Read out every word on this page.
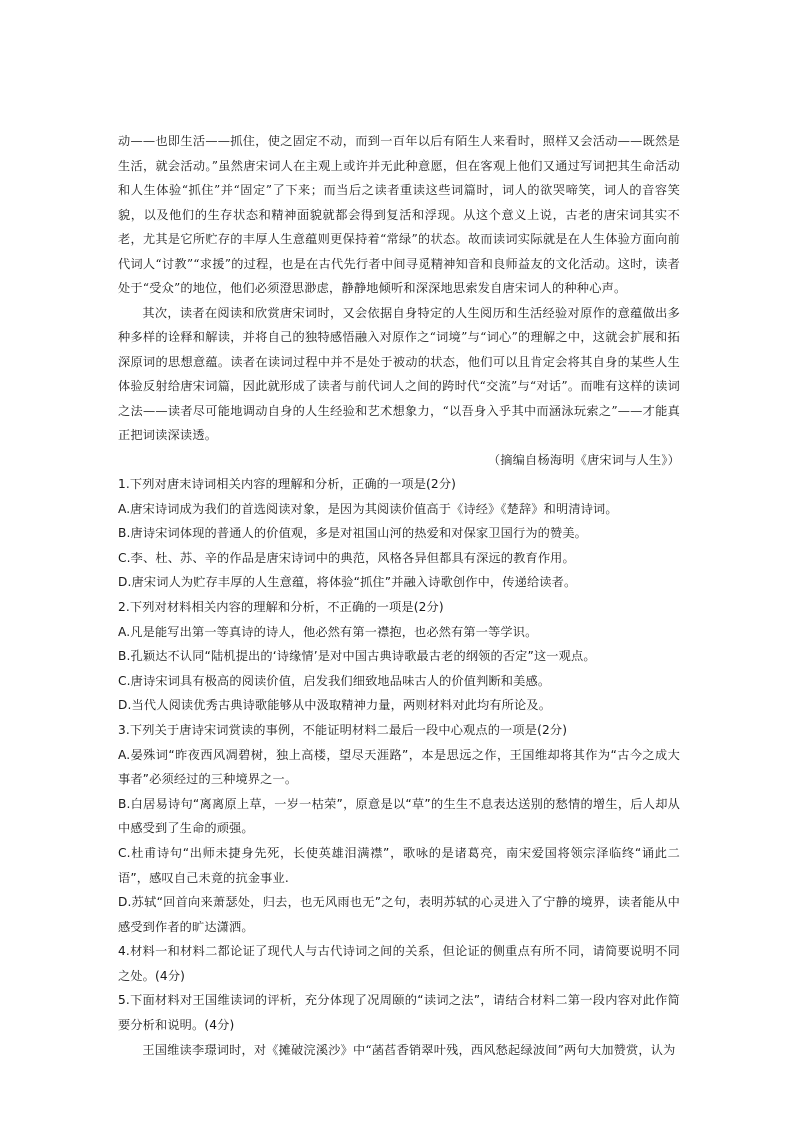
动——也即生活——抓住，使之固定不动，而到一百年以后有陌生人来看时，照样又会活动——既然是生活，就会活动。”虽然唐宋词人在主观上或许并无此种意愿，但在客观上他们又通过写词把其生命活动和人生体验“抓住”并“固定”了下来；而当后之读者重读这些词篇时，词人的欲哭啼笑，词人的音容笑貌，以及他们的生存状态和精神面貌就都会得到复活和浮现。从这个意义上说，古老的唐宋词其实不老，尤其是它所贮存的丰厚人生意蕴则更保持着“常绿”的状态。故而读词实际就是在人生体验方面向前代词人“讨教”“求援”的过程，也是在古代先行者中间寻觅精神知音和良师益友的文化活动。这时，读者处于“受众”的地位，他们必须澄思渺虑，静静地倾听和深深地思索发自唐宋词人的种种心声。

其次，读者在阅读和欣赏唐宋词时，又会依据自身特定的人生阅历和生活经验对原作的意蕴做出多种多样的诠释和解读，并将自己的独特感悟融入对原作之“词境”与“词心”的理解之中，这就会扩展和拓深原词的思想意蕴。读者在读词过程中并不是处于被动的状态，他们可以且肯定会将其自身的某些人生体验反射给唐宋词篇，因此就形成了读者与前代词人之间的跨时代“交流”与“对话”。而唯有这样的读词之法——读者尽可能地调动自身的人生经验和艺术想象力，“以吾身入乎其中而涵泳玩索之”——才能真正把词读深读透。

（摘编自杨海明《唐宋词与人生》）

1.下列对唐末诗词相关内容的理解和分析，正确的一项是(2分)

A.唐宋诗词成为我们的首选阅读对象，是因为其阅读价值高于《诗经》《楚辞》和明清诗词。

B.唐诗宋词体现的普通人的价值观，多是对祖国山河的热爱和对保家卫国行为的赞美。

C.李、杜、苏、辛的作品是唐宋诗词中的典范，风格各异但都具有深远的教育作用。

D.唐宋词人为贮存丰厚的人生意蕴，将体验“抓住”并融入诗歌创作中，传递给读者。

2.下列对材料相关内容的理解和分析，不正确的一项是(2分)

A.凡是能写出第一等真诗的诗人，他必然有第一襟抱，也必然有第一等学识。

B.孔颖达不认同“陆机提出的‘诗缘情’是对中国古典诗歌最古老的纲领的否定”这一观点。

C.唐诗宋词具有极高的阅读价值，启发我们细致地品味古人的价值判断和美感。

D.当代人阅读优秀古典诗歌能够从中汲取精神力量，两则材料对此均有所论及。

3.下列关于唐诗宋词赏读的事例，不能证明材料二最后一段中心观点的一项是(2分)

A.晏殊词“昨夜西风凋碧树，独上高楼，望尽天涯路”，本是思远之作，王国维却将其作为“古今之成大事者”必须经过的三种境界之一。

B.白居易诗句“离离原上草，一岁一枯荣”，原意是以“草”的生生不息表达送别的愁情的增生，后人却从中感受到了生命的顽强。

C.杜甫诗句“出师未捷身先死，长使英雄泪满襟”，歌咏的是诸葛亮，南宋爱国将领宗泽临终“诵此二语”，感叹自己未竟的抗金事业.

D.苏轼“回首向来萧瑟处，归去，也无风雨也无”之句，表明苏轼的心灵进入了宁静的境界，读者能从中感受到作者的旷达潇洒。

4.材料一和材料二都论证了现代人与古代诗词之间的关系，但论证的侧重点有所不同，请简要说明不同之处。(4分)

5.下面材料对王国维读词的评析，充分体现了况周颐的“读词之法”，请结合材料二第一段内容对此作简要分析和说明。(4分)

王国维读李璟词时，对《摊破浣溪沙》中“菡萏香销翠叶残，西风愁起绿波间”两句大加赞赏，认为
